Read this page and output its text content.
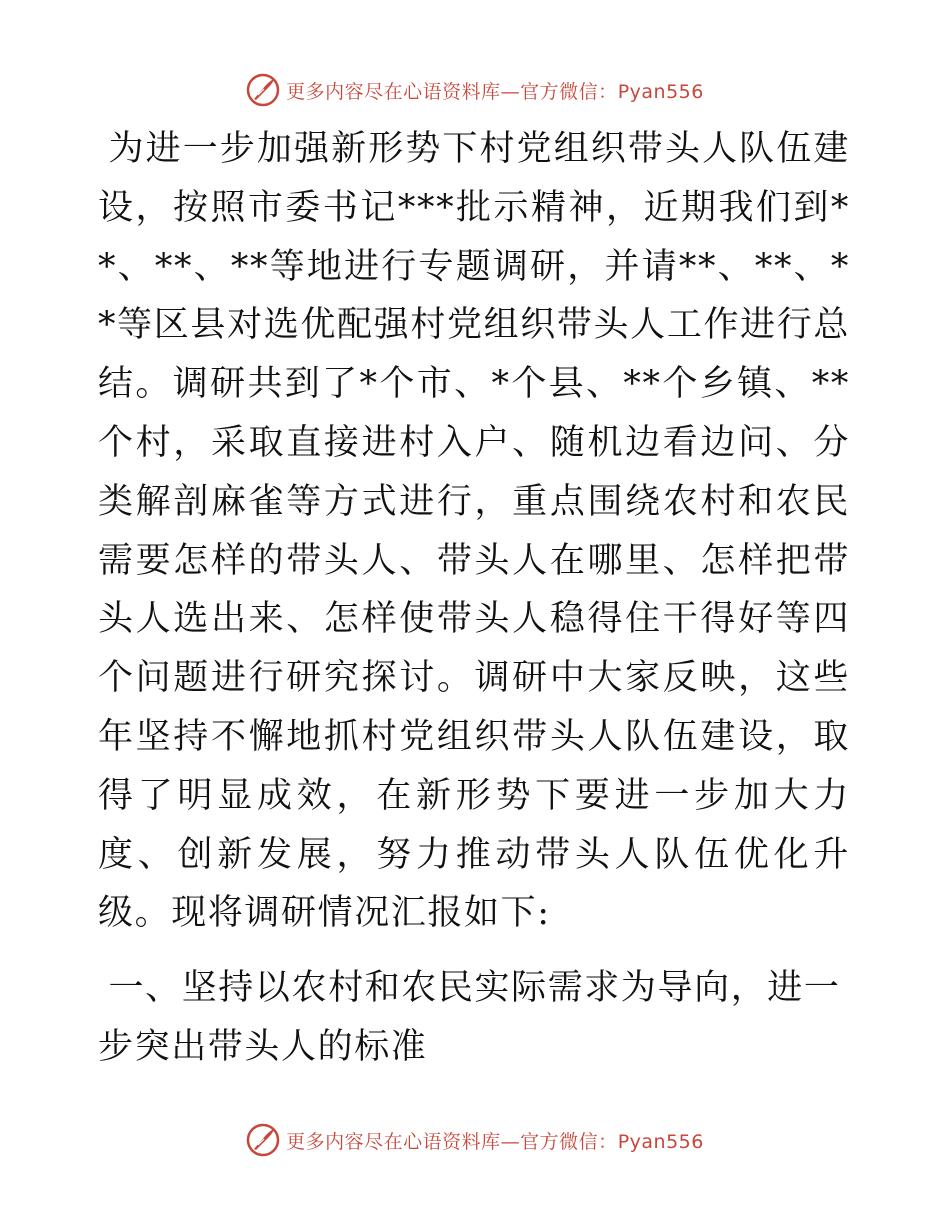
更多内容尽在心语资料库—官方微信：Pyan556

为进一步加强新形势下村党组织带头人队伍建设，按照市委书记***批示精神，近期我们到**、**、**等地进行专题调研，并请**、**、**等区县对选优配强村党组织带头人工作进行总结。调研共到了*个市、*个县、**个乡镇、**个村，采取直接进村入户、随机边看边问、分类解剖麻雀等方式进行，重点围绕农村和农民需要怎样的带头人、带头人在哪里、怎样把带头人选出来、怎样使带头人稳得住干得好等四个问题进行研究探讨。调研中大家反映，这些年坚持不懈地抓村党组织带头人队伍建设，取得了明显成效，在新形势下要进一步加大力度、创新发展，努力推动带头人队伍优化升级。现将调研情况汇报如下:

一、坚持以农村和农民实际需求为导向，进一步突出带头人的标准

更多内容尽在心语资料库—官方微信：Pyan556
